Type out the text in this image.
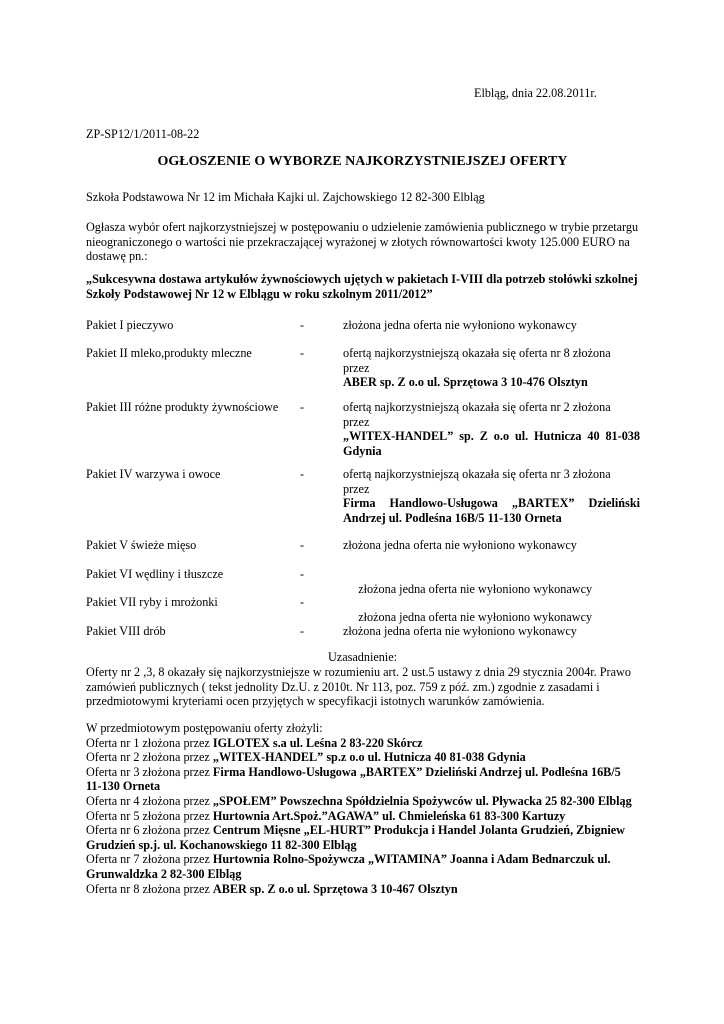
Elbląg, dnia 22.08.2011r.
ZP-SP12/1/2011-08-22
OGŁOSZENIE O WYBORZE NAJKORZYSTNIEJSZEJ OFERTY
Szkoła Podstawowa Nr 12 im Michała Kajki ul. Zajchowskiego 12 82-300 Elbląg
Ogłasza wybór ofert najkorzystniejszej w postępowaniu o udzielenie zamówienia publicznego w trybie przetargu nieograniczonego o wartości nie przekraczającej wyrażonej w złotych równowartości kwoty 125.000 EURO na dostawę pn.:
„Sukcesywna dostawa artykułów żywnościowych ujętych w pakietach I-VIII dla potrzeb stołówki szkolnej Szkoły Podstawowej Nr 12 w Elblągu w roku szkolnym 2011/2012”
Pakiet I pieczywo	-	złożona jedna oferta nie wyłoniono wykonawcy
Pakiet II mleko,produkty mleczne	-	ofertą najkorzystniejszą okazała się oferta nr 8 złożona przez
ABER sp. Z o.o ul. Sprzętowa 3 10-476 Olsztyn
Pakiet III różne produkty żywnościowe -	ofertą najkorzystniejszą okazała się oferta nr 2 złożona przez

„WITEX-HANDEL” sp. Z o.o ul. Hutnicza 40 81-038 Gdynia
Pakiet IV warzywa i owoce	-	ofertą najkorzystniejszą okazała się oferta nr 3 złożona przez

Firma Handlowo-Usługowa „BARTEX” Dzieliński Andrzej ul. Podleśna 16B/5 11-130 Orneta
Pakiet V świeże mięso	-	złożona jedna oferta nie wyłoniono wykonawcy
Pakiet VI wędliny i tłuszcze	-

złożona jedna oferta nie wyłoniono wykonawcy

Pakiet VII ryby i mrożonki	-

złożona jedna oferta nie wyłoniono wykonawcy

Pakiet VIII drób	-	złożona jedna oferta nie wyłoniono wykonawcy
Uzasadnienie:
Oferty nr 2 ,3, 8 okazały się najkorzystniejsze w rozumieniu art. 2 ust.5 ustawy z dnia 29 stycznia 2004r. Prawo zamówień publicznych ( tekst jednolity Dz.U. z 2010t. Nr 113, poz. 759 z póź. zm.) zgodnie z zasadami i przedmiotowymi kryteriami ocen przyjętych w specyfikacji istotnych warunków zamówienia.
W przedmiotowym postępowaniu oferty złożyli:
Oferta nr 1 złożona przez IGLOTEX s.a ul. Leśna 2 83-220 Skórcz
Oferta nr 2 złożona przez „WITEX-HANDEL” sp.z o.o ul. Hutnicza 40 81-038 Gdynia
Oferta nr 3 złożona przez Firma Handlowo-Usługowa „BARTEX” Dzieliński Andrzej ul. Podleśna 16B/5
11-130 Orneta
Oferta nr 4 złożona przez „SPOŁEM” Powszechna Spółdzielnia Spożywców ul. Pływacka 25 82-300 Elbląg
Oferta nr 5 złożona przez Hurtownia Art.Spoż.”AGAWA” ul. Chmieleńska 61 83-300 Kartuzy
Oferta nr 6 złożona przez Centrum Mięsne „EL-HURT” Produkcja i Handel Jolanta Grudzień, Zbigniew
Grudzień sp.j. ul. Kochanowskiego 11 82-300 Elbląg
Oferta nr 7 złożona przez Hurtownia Rolno-Spożywcza „WITAMINA” Joanna i Adam Bednarczuk ul.
Grunwaldzka 2 82-300 Elbląg
Oferta nr 8 złożona przez ABER sp. Z o.o ul. Sprzętowa 3 10-467 Olsztyn
